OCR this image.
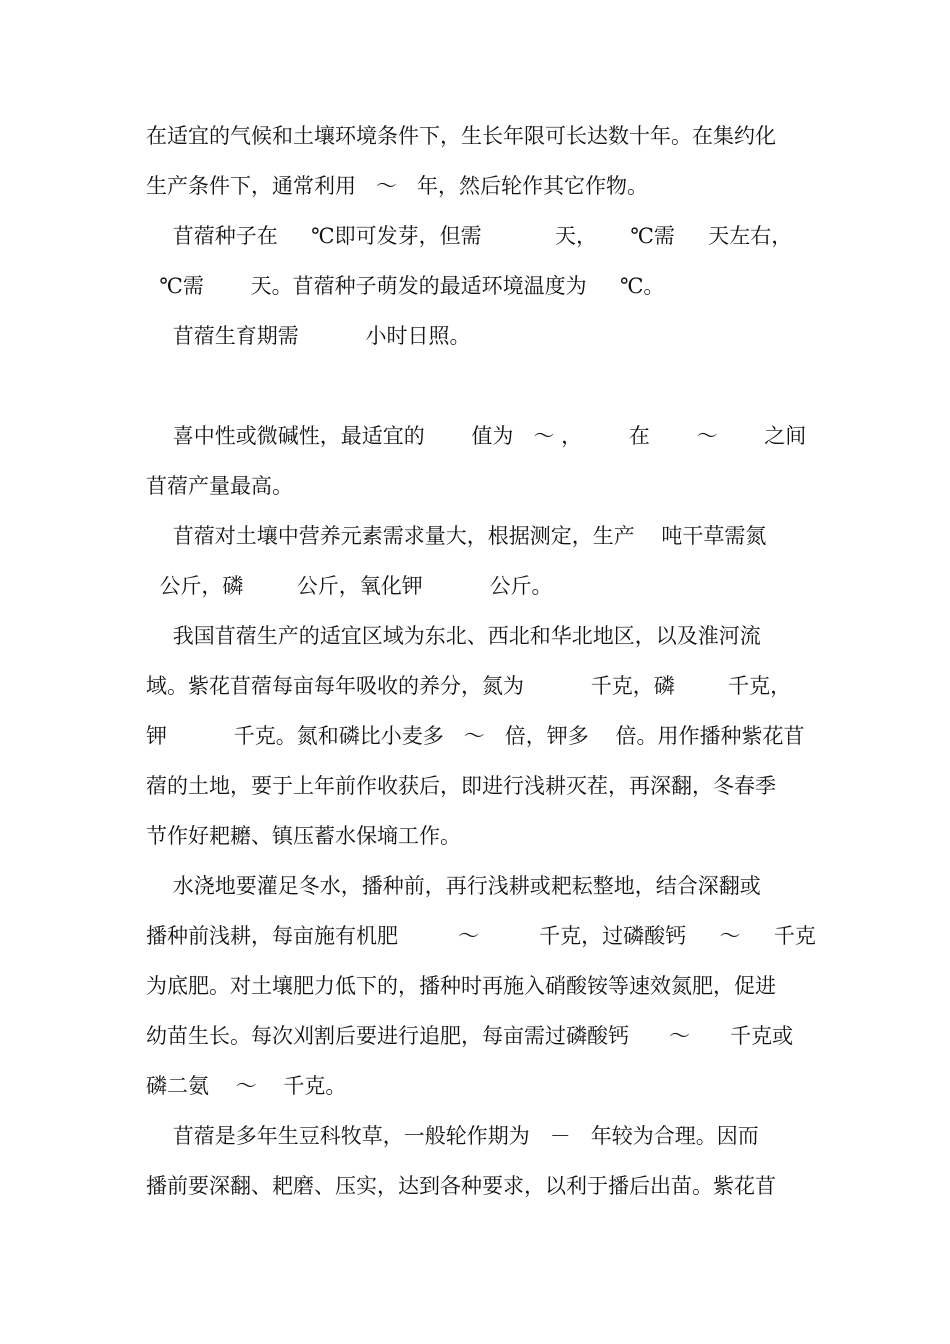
在适宜的气候和土壤环境条件下，生长年限可长达数十年。在集约化

生产条件下，通常利用   ～   年，然后轮作其它作物。

苜蓿种子在     ℃即可发芽，但需           天，     ℃需     天左右，

℃需       天。苜蓿种子萌发的最适环境温度为     ℃。

苜蓿生育期需          小时日照。

喜中性或微碱性，最适宜的       值为   ～ ，       在       ～       之间

苜蓿产量最高。

苜蓿对土壤中营养元素需求量大，根据测定，生产    吨干草需氮

公斤，磷        公斤，氧化钾          公斤。

我国苜蓿生产的适宜区域为东北、西北和华北地区，以及淮河流

域。紫花苜蓿每亩每年吸收的养分，氮为          千克，磷        千克，

钾          千克。氮和磷比小麦多   ～   倍，钾多    倍。用作播种紫花苜

蓿的土地，要于上年前作收获后，即进行浅耕灭茬，再深翻，冬春季

节作好耙耱、镇压蓄水保墒工作。

水浇地要灌足冬水，播种前，再行浅耕或耙耘整地，结合深翻或

播种前浅耕，每亩施有机肥         ～         千克，过磷酸钙     ～     千克

为底肥。对土壤肥力低下的，播种时再施入硝酸铵等速效氮肥，促进

幼苗生长。每次刈割后要进行追肥，每亩需过磷酸钙      ～      千克或

磷二氨    ～    千克。

苜蓿是多年生豆科牧草，一般轮作期为   －   年较为合理。因而

播前要深翻、耙磨、压实，达到各种要求，以利于播后出苗。紫花苜
